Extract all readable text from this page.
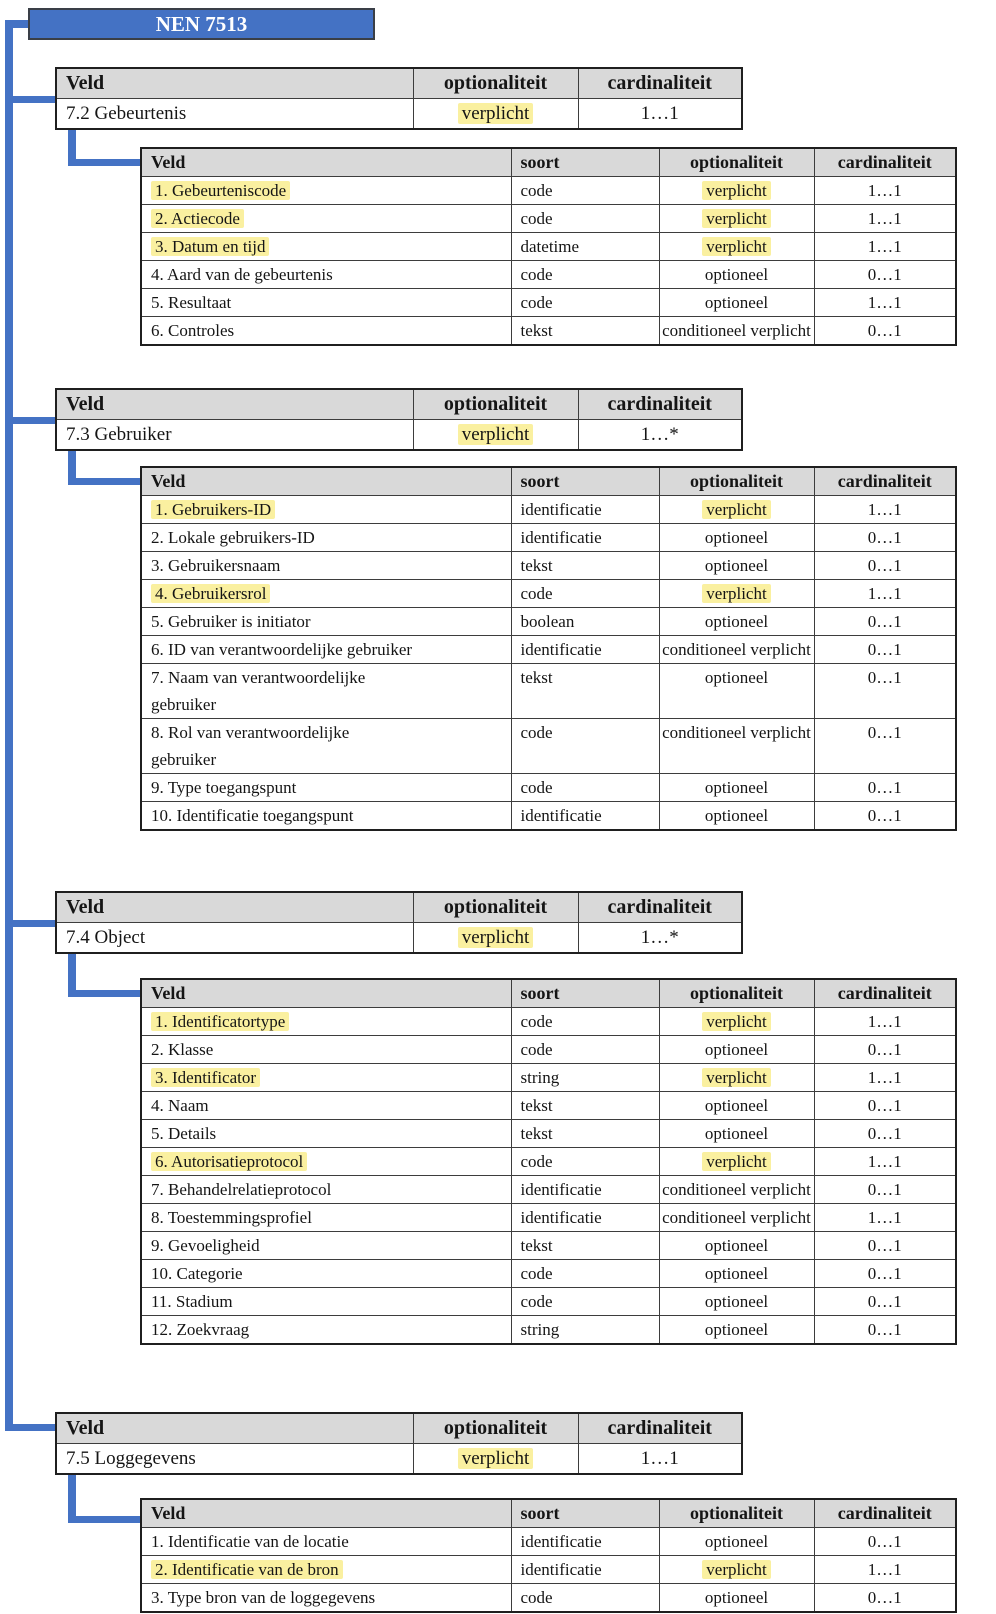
NEN 7513
Veld	optionaliteit	cardinaliteit
7.2 Gebeurtenis	verplicht	1…1
Veld	soort	optionaliteit	cardinaliteit
1. Gebeurteniscode	code	verplicht	1…1
2. Actiecode	code	verplicht	1…1
3. Datum en tijd	datetime	verplicht	1…1
4. Aard van de gebeurtenis	code	optioneel	0…1
5. Resultaat	code	optioneel	1…1
6. Controles	tekst	conditioneel verplicht	0…1
Veld	optionaliteit	cardinaliteit
7.3 Gebruiker	verplicht	1…*
Veld	soort	optionaliteit	cardinaliteit
1. Gebruikers-ID	identificatie	verplicht	1…1
2. Lokale gebruikers-ID	identificatie	optioneel	0…1
3. Gebruikersnaam	tekst	optioneel	0…1
4. Gebruikersrol	code	verplicht	1…1
5. Gebruiker is initiator	boolean	optioneel	0…1
6. ID van verantwoordelijke gebruiker	identificatie	conditioneel verplicht	0…1
7. Naam van verantwoordelijke
gebruiker	tekst	optioneel	0…1
8. Rol van verantwoordelijke
gebruiker	code	conditioneel verplicht	0…1
9. Type toegangspunt	code	optioneel	0…1
10. Identificatie toegangspunt	identificatie	optioneel	0…1
Veld	optionaliteit	cardinaliteit
7.4 Object	verplicht	1…*
Veld	soort	optionaliteit	cardinaliteit
1. Identificatortype	code	verplicht	1…1
2. Klasse	code	optioneel	0…1
3. Identificator	string	verplicht	1…1
4. Naam	tekst	optioneel	0…1
5. Details	tekst	optioneel	0…1
6. Autorisatieprotocol	code	verplicht	1…1
7. Behandelrelatieprotocol	identificatie	conditioneel verplicht	0…1
8. Toestemmingsprofiel	identificatie	conditioneel verplicht	1…1
9. Gevoeligheid	tekst	optioneel	0…1
10. Categorie	code	optioneel	0…1
11. Stadium	code	optioneel	0…1
12. Zoekvraag	string	optioneel	0…1
Veld	optionaliteit	cardinaliteit
7.5 Loggegevens	verplicht	1…1
Veld	soort	optionaliteit	cardinaliteit
1. Identificatie van de locatie	identificatie	optioneel	0…1
2. Identificatie van de bron	identificatie	verplicht	1…1
3. Type bron van de loggegevens	code	optioneel	0…1
